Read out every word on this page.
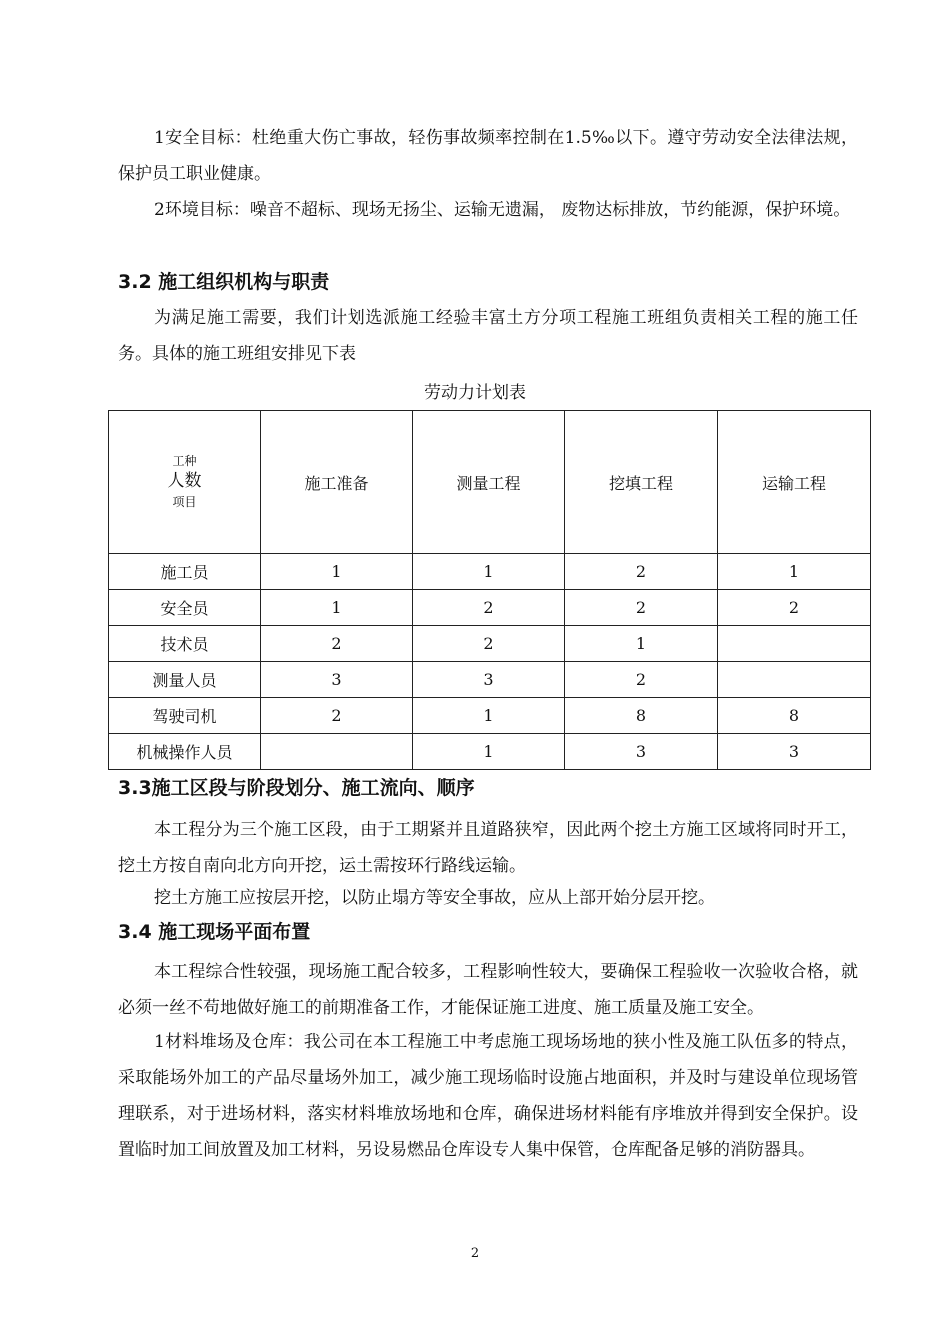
1安全目标：杜绝重大伤亡事故，轻伤事故频率控制在1.5‰以下。遵守劳动安全法律法规，保护员工职业健康。

2环境目标：噪音不超标、现场无扬尘、运输无遗漏， 废物达标排放，节约能源，保护环境。

3.2 施工组织机构与职责

为满足施工需要，我们计划选派施工经验丰富土方分项工程施工班组负责相关工程的施工任务。具体的施工班组安排见下表

劳动力计划表
工种
人数
项目	施工准备	测量工程	挖填工程	运输工程
施工员	1	1	2	1
安全员	1	2	2	2
技术员	2	2	1	
测量人员	3	3	2	
驾驶司机	2	1	8	8
机械操作人员		1	3	3
3.3施工区段与阶段划分、施工流向、顺序

本工程分为三个施工区段，由于工期紧并且道路狭窄，因此两个挖土方施工区域将同时开工，挖土方按自南向北方向开挖，运土需按环行路线运输。

挖土方施工应按层开挖，以防止塌方等安全事故，应从上部开始分层开挖。

3.4 施工现场平面布置

本工程综合性较强，现场施工配合较多，工程影响性较大，要确保工程验收一次验收合格，就必须一丝不苟地做好施工的前期准备工作，才能保证施工进度、施工质量及施工安全。

1材料堆场及仓库：我公司在本工程施工中考虑施工现场场地的狭小性及施工队伍多的特点，采取能场外加工的产品尽量场外加工，减少施工现场临时设施占地面积，并及时与建设单位现场管理联系，对于进场材料，落实材料堆放场地和仓库，确保进场材料能有序堆放并得到安全保护。设置临时加工间放置及加工材料，另设易燃品仓库设专人集中保管，仓库配备足够的消防器具。

2
